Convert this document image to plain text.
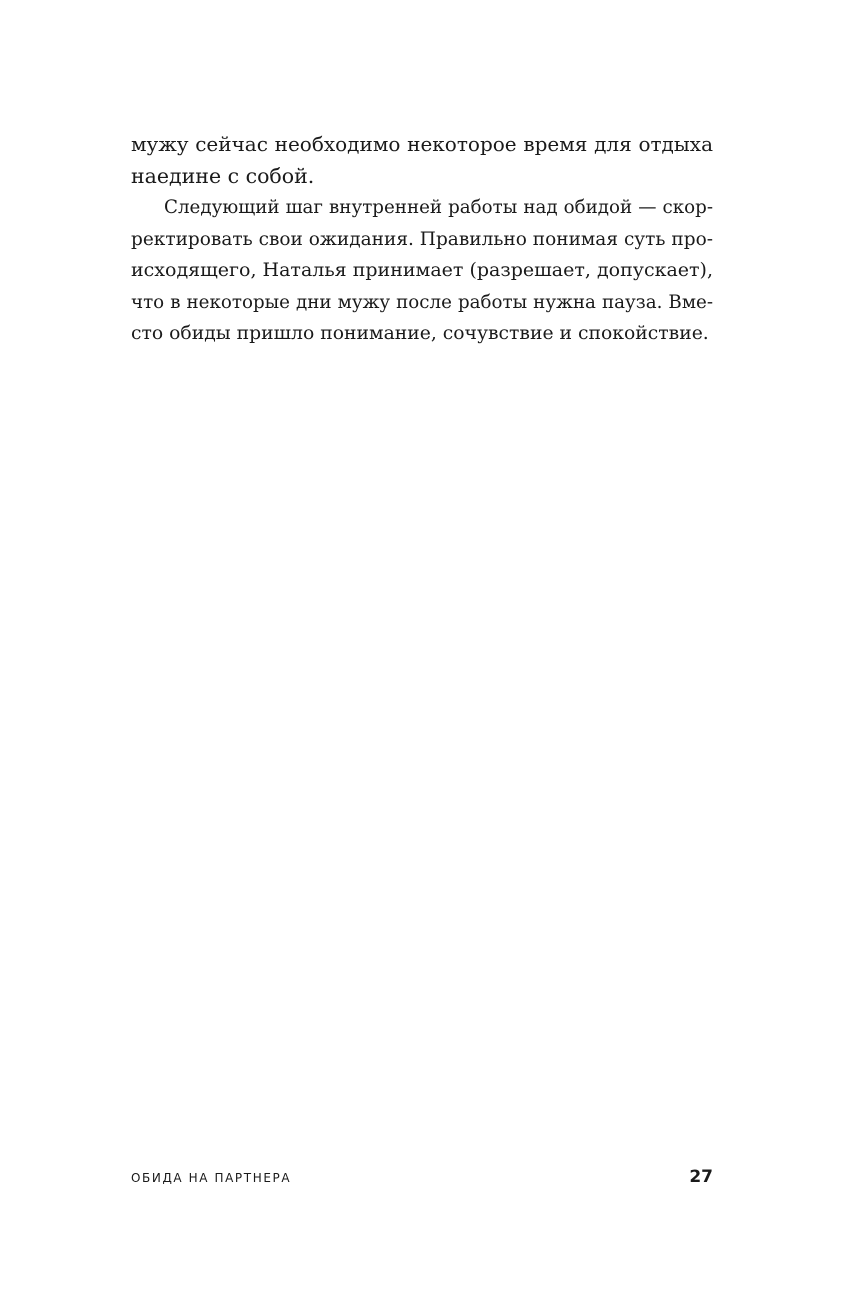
мужу сейчас необходимо некоторое время для отдыха
наедине с собой.
Следующий шаг внутренней работы над обидой — скор-
ректировать свои ожидания. Правильно понимая суть про-
исходящего, Наталья принимает (разрешает, допускает),
что в некоторые дни мужу после работы нужна пауза. Вме-
сто обиды пришло понимание, сочувствие и спокойствие.
ОБИДА НА ПАРТНЕРА	27
